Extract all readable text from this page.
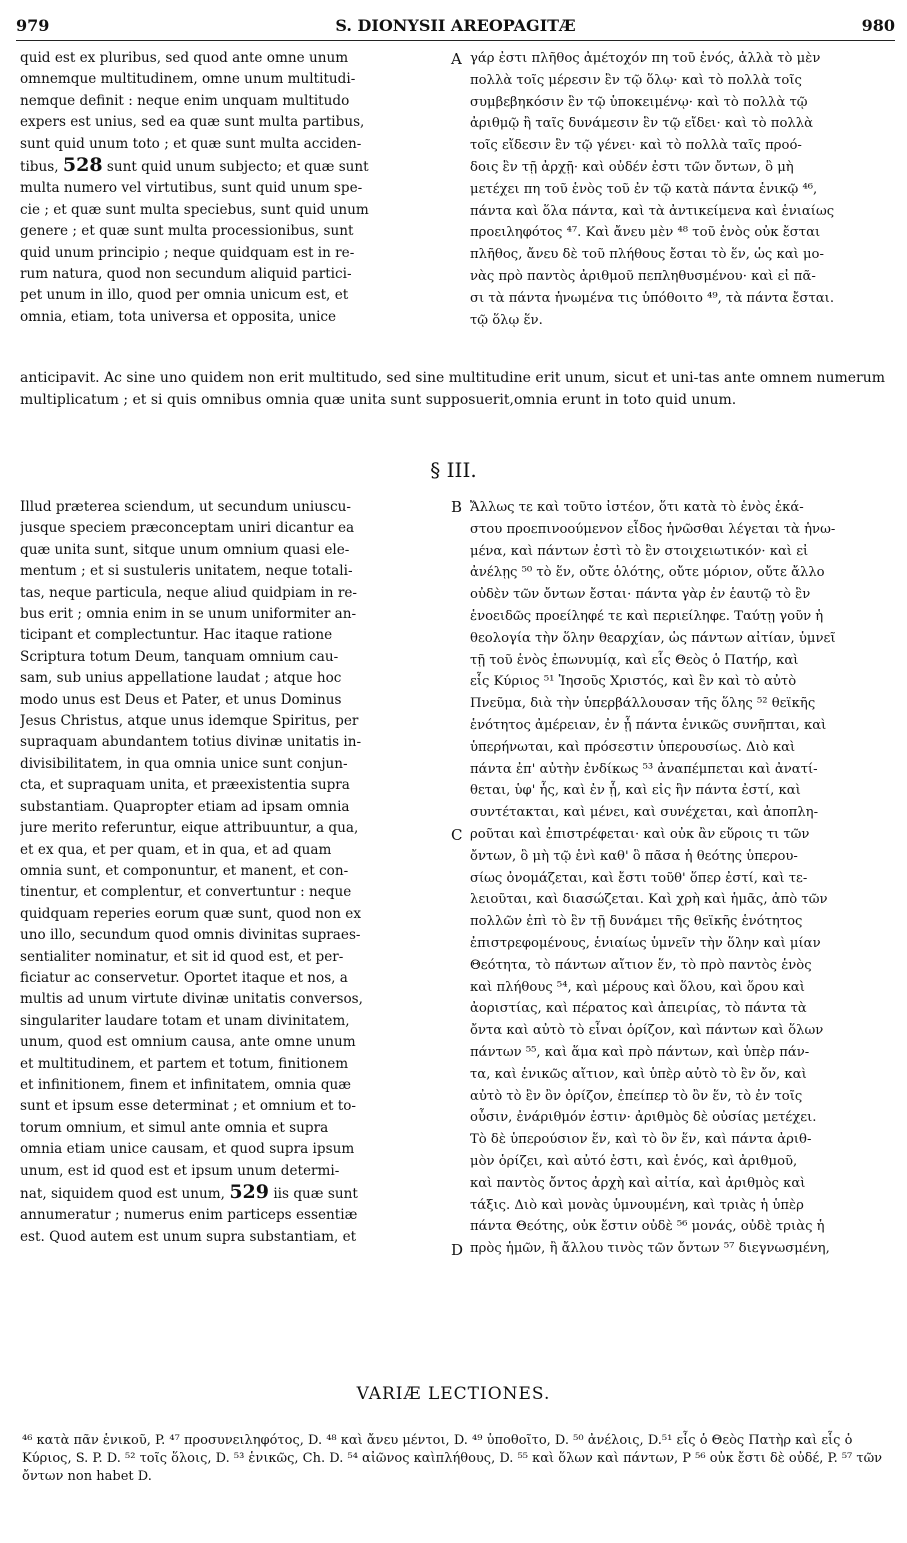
979	S. DIONYSII AREOPAGITÆ	980
quid est ex pluribus, sed quod ante omne unum
omnemque multitudinem, omne unum multitudi-
nemque definit : neque enim unquam multitudo
expers est unius, sed ea quæ sunt multa partibus,
sunt quid unum toto ; et quæ sunt multa acciden-
tibus, 528 sunt quid unum subjecto; et quæ sunt
multa numero vel virtutibus, sunt quid unum spe-
cie ; et quæ sunt multa speciebus, sunt quid unum
genere ; et quæ sunt multa processionibus, sunt
quid unum principio ; neque quidquam est in re-
rum natura, quod non secundum aliquid partici-
pet unum in illo, quod per omnia unicum est, et
omnia, etiam, tota universa et opposita, unice
γάρ ἐστι πλῆθος ἀμέτοχόν πη τοῦ ἑνός, ἀλλὰ τὸ μὲν
πολλὰ τοῖς μέρεσιν ἓν τῷ ὅλῳ· καὶ τὸ πολλὰ τοῖς
συμβεβηκόσιν ἓν τῷ ὑποκειμένῳ· καὶ τὸ πολλὰ τῷ
ἀριθμῷ ἢ ταῖς δυνάμεσιν ἓν τῷ εἴδει· καὶ τὸ πολλὰ
τοῖς εἴδεσιν ἓν τῷ γένει· καὶ τὸ πολλὰ ταῖς προό-
δοις ἓν τῇ ἀρχῇ· καὶ οὐδέν ἐστι τῶν ὄντων, ὃ μὴ
μετέχει πη τοῦ ἑνὸς τοῦ ἐν τῷ κατὰ πάντα ἑνικῷ ⁴⁶,
πάντα καὶ ὅλα πάντα, καὶ τὰ ἀντικείμενα καὶ ἑνιαίως
προειληφότος ⁴⁷. Καὶ ἄνευ μὲν ⁴⁸ τοῦ ἑνὸς οὐκ ἔσται
πλῆθος, ἄνευ δὲ τοῦ πλήθους ἔσται τὸ ἕν, ὡς καὶ μο-
νὰς πρὸ παντὸς ἀριθμοῦ πεπληθυσμένου· καὶ εἰ πᾶ-
σι τὰ πάντα ἡνωμένα τις ὑπόθοιτο ⁴⁹, τὰ πάντα ἔσται.
τῷ ὅλῳ ἕν.
anticipavit. Ac sine uno quidem non erit multitudo, sed sine multitudine erit unum, sicut et uni-tas ante omnem numerum multiplicatum ; et si quis omnibus omnia quæ unita sunt supposuerit,omnia erunt in toto quid unum.
§ III.
Illud præterea sciendum, ut secundum uniuscu-
jusque speciem præconceptam uniri dicantur ea
quæ unita sunt, sitque unum omnium quasi ele-
mentum ; et si sustuleris unitatem, neque totali-
tas, neque particula, neque aliud quidpiam in re-
bus erit ; omnia enim in se unum uniformiter an-
ticipant et complectuntur. Hac itaque ratione
Scriptura totum Deum, tanquam omnium cau-
sam, sub unius appellatione laudat ; atque hoc
modo unus est Deus et Pater, et unus Dominus
Jesus Christus, atque unus idemque Spiritus, per
supraquam abundantem totius divinæ unitatis in-
divisibilitatem, in qua omnia unice sunt conjun-
cta, et supraquam unita, et præexistentia supra
substantiam. Quapropter etiam ad ipsam omnia
jure merito referuntur, eique attribuuntur, a qua,
et ex qua, et per quam, et in qua, et ad quam
omnia sunt, et componuntur, et manent, et con-
tinentur, et complentur, et convertuntur : neque
quidquam reperies eorum quæ sunt, quod non ex
uno illo, secundum quod omnis divinitas supraes-
sentialiter nominatur, et sit id quod est, et per-
ficiatur ac conservetur. Oportet itaque et nos, a
multis ad unum virtute divinæ unitatis conversos,
singulariter laudare totam et unam divinitatem,
unum, quod est omnium causa, ante omne unum
et multitudinem, et partem et totum, finitionem
et infinitionem, finem et infinitatem, omnia quæ
sunt et ipsum esse determinat ; et omnium et to-
torum omnium, et simul ante omnia et supra
omnia etiam unice causam, et quod supra ipsum
unum, est id quod est et ipsum unum determi-
nat, siquidem quod est unum, 529 iis quæ sunt
annumeratur ; numerus enim particeps essentiæ
est. Quod autem est unum supra substantiam, et
Ἄλλως τε καὶ τοῦτο ἰστέον, ὅτι κατὰ τὸ ἑνὸς ἑκά-
στου προεπινοούμενον εἶδος ἡνῶσθαι λέγεται τὰ ἡνω-
μένα, καὶ πάντων ἐστὶ τὸ ἓν στοιχειωτικόν· καὶ εἰ
ἀνέλῃς ⁵⁰ τὸ ἕν, οὔτε ὁλότης, οὔτε μόριον, οὔτε ἄλλο
οὐδὲν τῶν ὄντων ἔσται· πάντα γὰρ ἐν ἑαυτῷ τὸ ἓν
ἑνοειδῶς προείληφέ τε καὶ περιείληφε. Ταύτῃ γοῦν ἡ
θεολογία τὴν ὅλην θεαρχίαν, ὡς πάντων αἰτίαν, ὑμνεῖ
τῇ τοῦ ἑνὸς ἐπωνυμίᾳ, καὶ εἷς Θεὸς ὁ Πατήρ, καὶ
εἷς Κύριος ⁵¹ Ἰησοῦς Χριστός, καὶ ἓν καὶ τὸ αὐτὸ
Πνεῦμα, διὰ τὴν ὑπερβάλλουσαν τῆς ὅλης ⁵² θεϊκῆς
ἑνότητος ἀμέρειαν, ἐν ᾗ πάντα ἑνικῶς συνῆπται, καὶ
ὑπερήνωται, καὶ πρόσεστιν ὑπερουσίως. Διὸ καὶ
πάντα ἐπ' αὐτὴν ἐνδίκως ⁵³ ἀναπέμπεται καὶ ἀνατί-
θεται, ὑφ' ἧς, καὶ ἐν ᾗ, καὶ εἰς ἣν πάντα ἐστί, καὶ
συντέτακται, καὶ μένει, καὶ συνέχεται, καὶ ἀποπλη-
ροῦται καὶ ἐπιστρέφεται· καὶ οὐκ ἂν εὕροις τι τῶν
ὄντων, ὃ μὴ τῷ ἑνὶ καθ' ὃ πᾶσα ἡ θεότης ὑπερου-
σίως ὀνομάζεται, καὶ ἔστι τοῦθ' ὅπερ ἐστί, καὶ τε-
λειοῦται, καὶ διασώζεται. Καὶ χρὴ καὶ ἡμᾶς, ἀπὸ τῶν
πολλῶν ἐπὶ τὸ ἓν τῇ δυνάμει τῆς θεϊκῆς ἑνότητος
ἐπιστρεφομένους, ἑνιαίως ὑμνεῖν τὴν ὅλην καὶ μίαν
Θεότητα, τὸ πάντων αἴτιον ἕν, τὸ πρὸ παντὸς ἑνὸς
καὶ πλήθους ⁵⁴, καὶ μέρους καὶ ὅλου, καὶ ὅρου καὶ
ἀοριστίας, καὶ πέρατος καὶ ἀπειρίας, τὸ πάντα τὰ
ὄντα καὶ αὐτὸ τὸ εἶναι ὁρίζον, καὶ πάντων καὶ ὅλων
πάντων ⁵⁵, καὶ ἅμα καὶ πρὸ πάντων, καὶ ὑπὲρ πάν-
τα, καὶ ἑνικῶς αἴτιον, καὶ ὑπὲρ αὐτὸ τὸ ἓν ὄν, καὶ
αὐτὸ τὸ ἓν ὂν ὁρίζον, ἐπείπερ τὸ ὂν ἕν, τὸ ἐν τοῖς
οὖσιν, ἐνάριθμόν ἐστιν· ἀριθμὸς δὲ οὐσίας μετέχει.
Τὸ δὲ ὑπερούσιον ἕν, καὶ τὸ ὂν ἕν, καὶ πάντα ἀριθ-
μὸν ὁρίζει, καὶ αὐτό ἐστι, καὶ ἑνός, καὶ ἀριθμοῦ,
καὶ παντὸς ὄντος ἀρχὴ καὶ αἰτία, καὶ ἀριθμὸς καὶ
τάξις. Διὸ καὶ μονὰς ὑμνουμένη, καὶ τριὰς ἡ ὑπὲρ
πάντα Θεότης, οὐκ ἔστιν οὐδὲ ⁵⁶ μονάς, οὐδὲ τριὰς ἡ
πρὸς ἡμῶν, ἢ ἄλλου τινὸς τῶν ὄντων ⁵⁷ διεγνωσμένη,
A
B
C
D
VARIÆ LECTIONES.
⁴⁶ κατὰ πᾶν ἑνικοῦ, P. ⁴⁷ προσυνειληφότος, D. ⁴⁸ καὶ ἄνευ μέντοι, D. ⁴⁹ ὑποθοῖτο, D. ⁵⁰ ἀνέλοις, D.⁵¹ εἷς ὁ Θεὸς Πατὴρ καὶ εἷς ὁ Κύριος, S. P. D. ⁵² τοῖς ὅλοις, D. ⁵³ ἑνικῶς, Ch. D. ⁵⁴ αἰῶνος καὶπλήθους, D. ⁵⁵ καὶ ὅλων καὶ πάντων, P ⁵⁶ οὐκ ἔστι δὲ οὐδέ, P. ⁵⁷ τῶν ὄντων non habet D.
